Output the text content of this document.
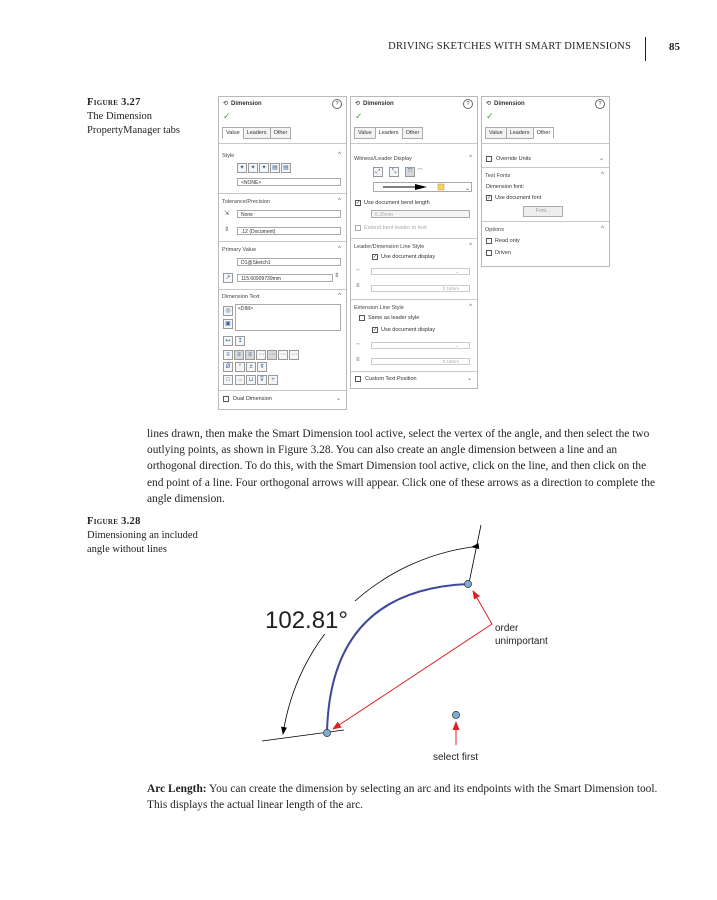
DRIVING SKETCHES WITH SMART DIMENSIONS	85
Figure 3.27
The Dimension PropertyManager tabs
⟲ Dimension	?
✓
Value Leaders Other
Style	^
✦ ✦ ✦ ▤ ▤
<NONE>
Tolerance/Precision	^
⇲	None
⇕	.12 (Document)
Primary Value	^
D1@Sketch1
↗	115.60909739mm	⇕
Dimension Text	^
◎
▣
<DIM>
↤	↥
≡	≡	≡	⋯ ⋯ ⋯ ⋯
Ø	°	±	¢
□	⌵	⊔	⊽	+
Dual Dimension	⌄
⟲ Dimension	?
✓
Value Leaders Other
Witness/Leader Display	^
⤢	⤡	⤧ ⌒
⌄
✓ Use document bend length
6.35mm
Extend bent leader to text
Leader/Dimension Line Style	^
✓ Use document display
┄	⌄
≡	0.18mm
Extension Line Style	^
Same as leader style
✓ Use document display
┄	⌄
≡	0.18mm
Custom Text Position	⌄
⟲ Dimension	?
✓
Value Leaders Other
Override Units	⌄
Text Fonts	^
Dimension font:
✓ Use document font
Font...
Options	^
Read only
Driven
lines drawn, then make the Smart Dimension tool active, select the vertex of the angle, and then select the two outlying points, as shown in Figure 3.28. You can also create an angle dimension between a line and an orthogonal direction. To do this, with the Smart Dimension tool active, click on the line, and then click on the end point of a line. Four orthogonal arrows will appear. Click one of these arrows as a direction to complete the angle dimension.
Figure 3.28
Dimensioning an included angle without lines
102.81°	order
unimportant
select first
Arc Length: You can create the dimension by selecting an arc and its endpoints with the Smart Dimension tool. This displays the actual linear length of the arc.
